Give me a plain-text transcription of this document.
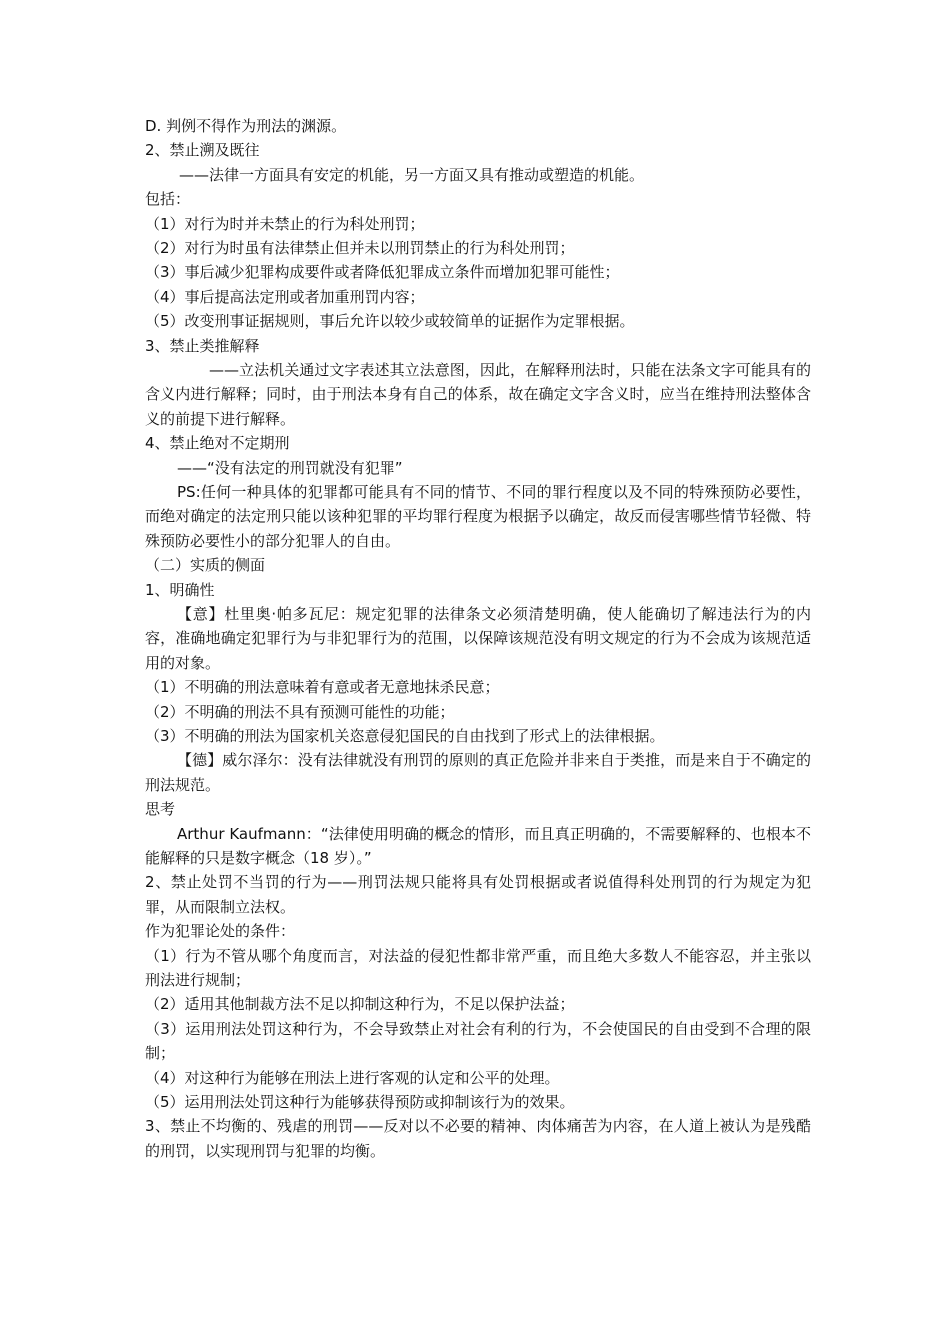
D. 判例不得作为刑法的渊源。
2、禁止溯及既往
——法律一方面具有安定的机能，另一方面又具有推动或塑造的机能。
包括：
（1）对行为时并未禁止的行为科处刑罚；
（2）对行为时虽有法律禁止但并未以刑罚禁止的行为科处刑罚；
（3）事后减少犯罪构成要件或者降低犯罪成立条件而增加犯罪可能性；
（4）事后提高法定刑或者加重刑罚内容；
（5）改变刑事证据规则，事后允许以较少或较简单的证据作为定罪根据。
3、禁止类推解释
——立法机关通过文字表述其立法意图，因此，在解释刑法时，只能在法条文字可能具有的含义内进行解释；同时，由于刑法本身有自己的体系，故在确定文字含义时，应当在维持刑法整体含义的前提下进行解释。
4、禁止绝对不定期刑
——“没有法定的刑罚就没有犯罪”
PS:任何一种具体的犯罪都可能具有不同的情节、不同的罪行程度以及不同的特殊预防必要性，而绝对确定的法定刑只能以该种犯罪的平均罪行程度为根据予以确定，故反而侵害哪些情节轻微、特殊预防必要性小的部分犯罪人的自由。
（二）实质的侧面
1、明确性
【意】杜里奥·帕多瓦尼：规定犯罪的法律条文必须清楚明确，使人能确切了解违法行为的内容，准确地确定犯罪行为与非犯罪行为的范围，以保障该规范没有明文规定的行为不会成为该规范适用的对象。
（1）不明确的刑法意味着有意或者无意地抹杀民意；
（2）不明确的刑法不具有预测可能性的功能；
（3）不明确的刑法为国家机关恣意侵犯国民的自由找到了形式上的法律根据。
【德】威尔泽尔：没有法律就没有刑罚的原则的真正危险并非来自于类推，而是来自于不确定的刑法规范。
思考
Arthur Kaufmann：“法律使用明确的概念的情形，而且真正明确的，不需要解释的、也根本不能解释的只是数字概念（18 岁）。”
2、禁止处罚不当罚的行为——刑罚法规只能将具有处罚根据或者说值得科处刑罚的行为规定为犯罪，从而限制立法权。
作为犯罪论处的条件：
（1）行为不管从哪个角度而言，对法益的侵犯性都非常严重，而且绝大多数人不能容忍，并主张以刑法进行规制；
（2）适用其他制裁方法不足以抑制这种行为，不足以保护法益；
（3）运用刑法处罚这种行为，不会导致禁止对社会有利的行为，不会使国民的自由受到不合理的限制；
（4）对这种行为能够在刑法上进行客观的认定和公平的处理。
（5）运用刑法处罚这种行为能够获得预防或抑制该行为的效果。
3、禁止不均衡的、残虐的刑罚——反对以不必要的精神、肉体痛苦为内容，在人道上被认为是残酷的刑罚，以实现刑罚与犯罪的均衡。
